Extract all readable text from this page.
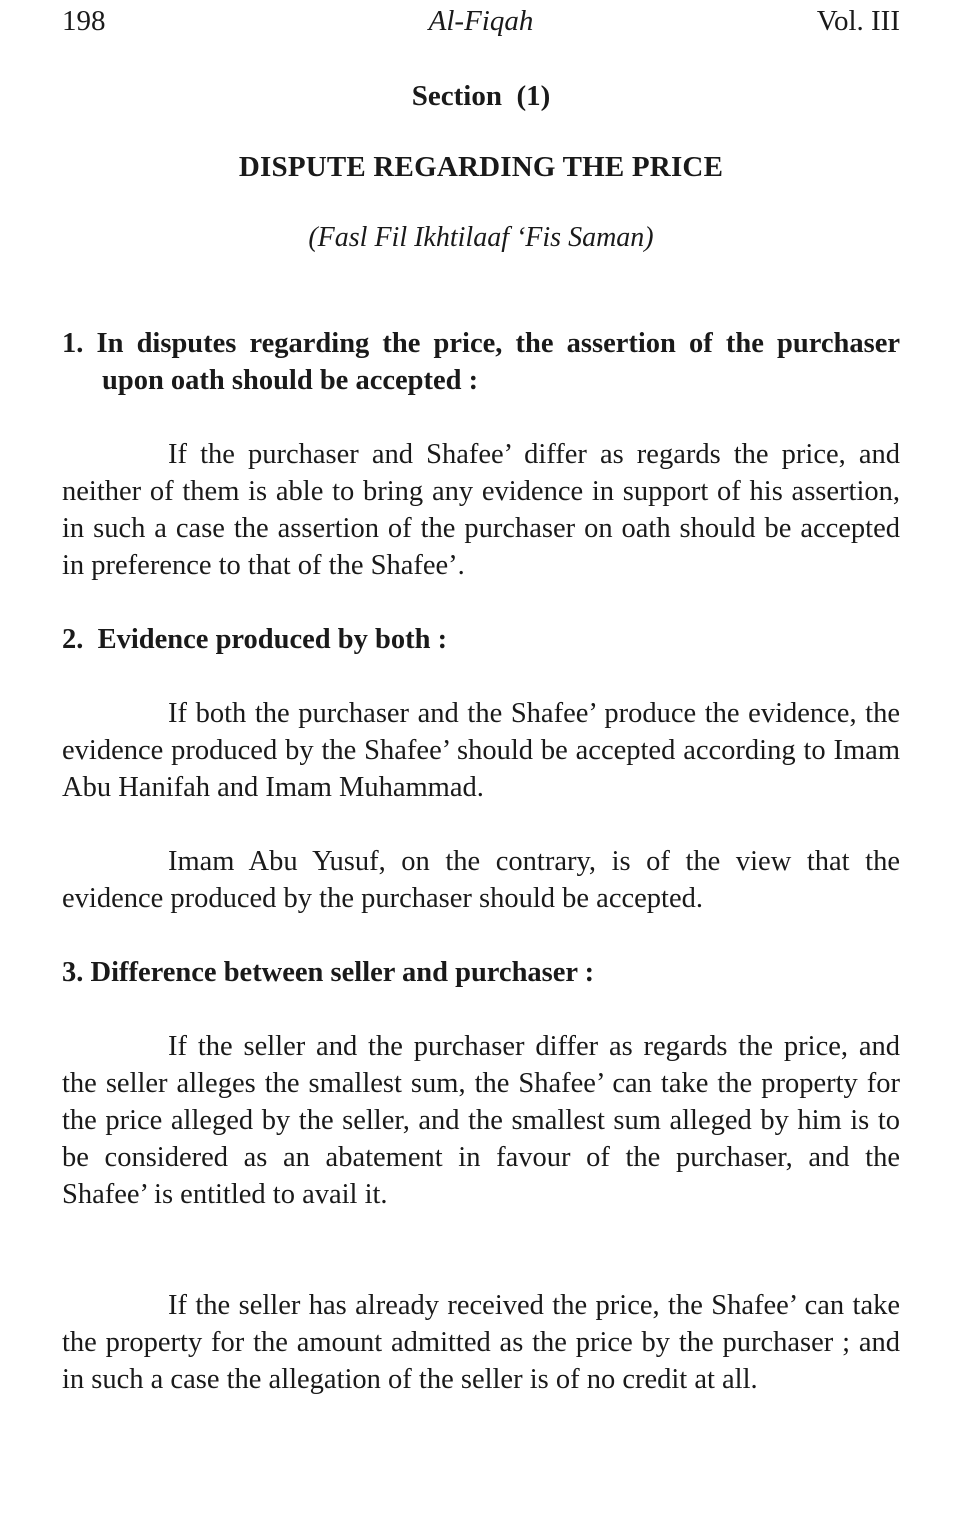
198	Al-Fiqah	Vol. III
Section  (1)
DISPUTE REGARDING THE PRICE
(Fasl Fil Ikhtilaaf ‘Fis Saman)
1. In disputes regarding the price, the assertion of the purchaser upon oath should be accepted :

If the purchaser and Shafee’ differ as regards the price, and neither of them is able to bring any evidence in support of his assertion, in such a case the assertion of the purchaser on oath should be accepted in preference to that of the Shafee’.

2.  Evidence produced by both :

If both the purchaser and the Shafee’ produce the evidence, the evidence produced by the Shafee’ should be accepted according to Imam Abu Hanifah and Imam Muhammad.

Imam Abu Yusuf, on the contrary, is of the view that the evidence produced by the purchaser should be accepted.

3. Difference between seller and purchaser :

If the seller and the purchaser differ as regards the price, and the seller alleges the smallest sum, the Shafee’ can take the property for the price alleged by the seller, and the smallest sum alleged by him is to be considered as an abatement in favour of the purchaser, and the Shafee’ is entitled to avail it.

If the seller has already received the price, the Shafee’ can take the property for the amount admitted as the price by the purchaser ; and in such a case the allegation of the seller is of no credit at all.
